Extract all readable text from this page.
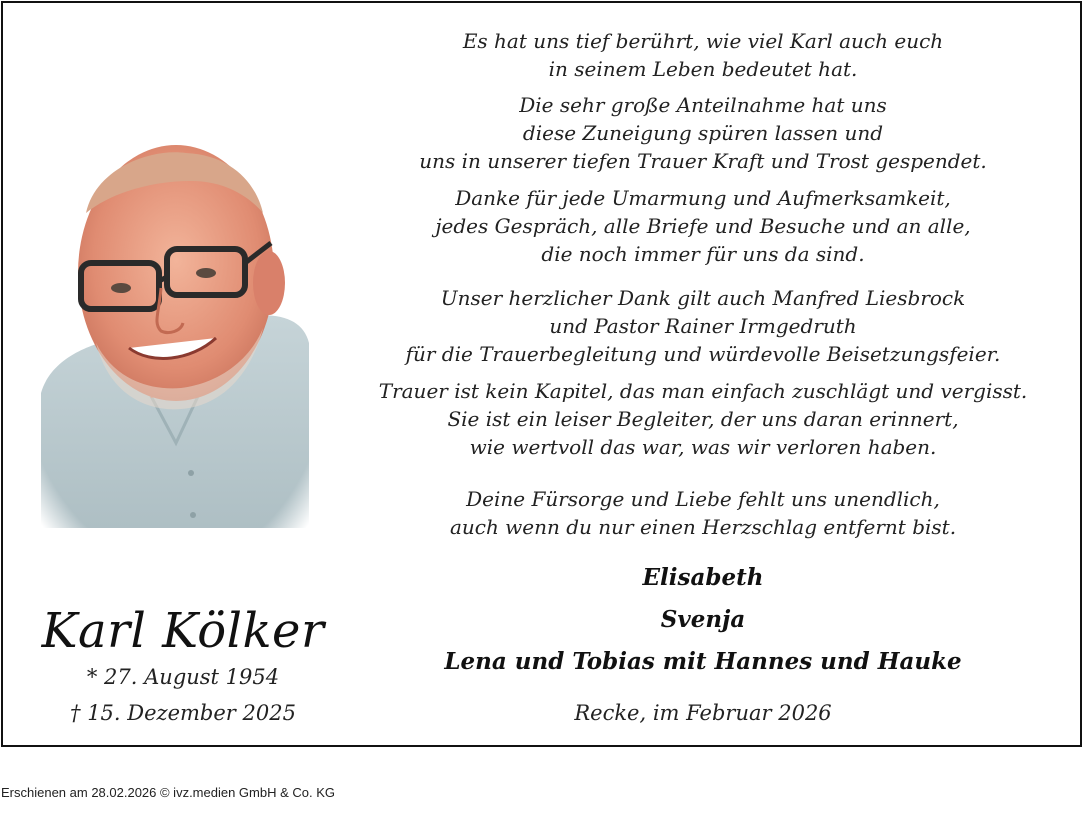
Karl Kölker
* 27. August 1954
† 15. Dezember 2025
Es hat uns tief berührt, wie viel Karl auch euch
in seinem Leben bedeutet hat.
Die sehr große Anteilnahme hat uns
diese Zuneigung spüren lassen und
uns in unserer tiefen Trauer Kraft und Trost gespendet.
Danke für jede Umarmung und Aufmerksamkeit,
jedes Gespräch, alle Briefe und Besuche und an alle,
die noch immer für uns da sind.
Unser herzlicher Dank gilt auch Manfred Liesbrock
und Pastor Rainer Irmgedruth
für die Trauerbegleitung und würdevolle Beisetzungsfeier.
Trauer ist kein Kapitel, das man einfach zuschlägt und vergisst.
Sie ist ein leiser Begleiter, der uns daran erinnert,
wie wertvoll das war, was wir verloren haben.
Deine Fürsorge und Liebe fehlt uns unendlich,
auch wenn du nur einen Herzschlag entfernt bist.
Elisabeth
Svenja
Lena und Tobias mit Hannes und Hauke
Recke, im Februar 2026
Erschienen am 28.02.2026 © ivz.medien GmbH & Co. KG
